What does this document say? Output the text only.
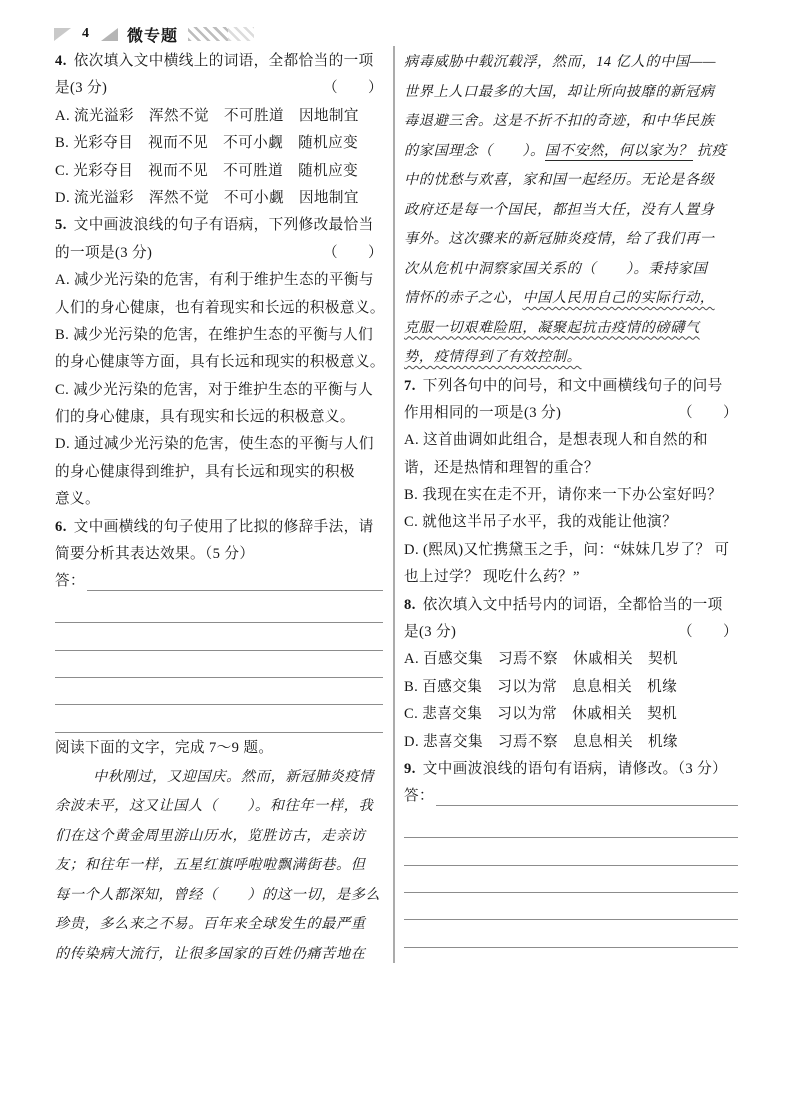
4 微专题
4. 依次填入文中横线上的词语，全都恰当的一项
是(3 分)	（　　）
A. 流光溢彩　浑然不觉　不可胜道　因地制宜
B. 光彩夺目　视而不见　不可小觑　随机应变
C. 光彩夺目　视而不见　不可胜道　随机应变
D. 流光溢彩　浑然不觉　不可小觑　因地制宜
5. 文中画波浪线的句子有语病，下列修改最恰当
的一项是(3 分)	（　　）
A. 减少光污染的危害，有利于维护生态的平衡与
人们的身心健康，也有着现实和长远的积极意义。
B. 减少光污染的危害，在维护生态的平衡与人们
的身心健康等方面，具有长远和现实的积极意义。
C. 减少光污染的危害，对于维护生态的平衡与人
们的身心健康，具有现实和长远的积极意义。
D. 通过减少光污染的危害，使生态的平衡与人们
的身心健康得到维护，具有长远和现实的积极
意义。
6. 文中画横线的句子使用了比拟的修辞手法，请
简要分析其表达效果。（5 分）
答：
阅读下面的文字，完成 7～9 题。
中秋刚过，又迎国庆。然而，新冠肺炎疫情
余波未平，这又让国人（　　）。和往年一样，我
们在这个黄金周里游山历水，览胜访古，走亲访
友；和往年一样，五星红旗呼啦啦飘满街巷。但
每一个人都深知，曾经（　　）的这一切，是多么
珍贵，多么来之不易。百年来全球发生的最严重
的传染病大流行，让很多国家的百姓仍痛苦地在
病毒威胁中载沉载浮，然而，14 亿人的中国——
世界上人口最多的大国，却让所向披靡的新冠病
毒退避三舍。这是不折不扣的奇迹，和中华民族
的家国理念（　　）。国不安然，何以家为？ 抗疫
中的忧愁与欢喜，家和国一起经历。无论是各级
政府还是每一个国民，都担当大任，没有人置身
事外。这次骤来的新冠肺炎疫情，给了我们再一
次从危机中洞察家国关系的（　　）。秉持家国
情怀的赤子之心，中国人民用自己的实际行动，
克服一切艰难险阻，凝聚起抗击疫情的磅礴气
势，疫情得到了有效控制。
7. 下列各句中的问号，和文中画横线句子的问号
作用相同的一项是(3 分)	（　　）
A. 这首曲调如此组合，是想表现人和自然的和
谐，还是热情和理智的重合？
B. 我现在实在走不开，请你来一下办公室好吗？
C. 就他这半吊子水平，我的戏能让他演？
D. (熙凤)又忙携黛玉之手，问：“妹妹几岁了？ 可
也上过学？ 现吃什么药？”
8. 依次填入文中括号内的词语，全都恰当的一项
是(3 分)	（　　）
A. 百感交集　习焉不察　休戚相关　契机
B. 百感交集　习以为常　息息相关　机缘
C. 悲喜交集　习以为常　休戚相关　契机
D. 悲喜交集　习焉不察　息息相关　机缘
9. 文中画波浪线的语句有语病，请修改。（3 分）
答：
